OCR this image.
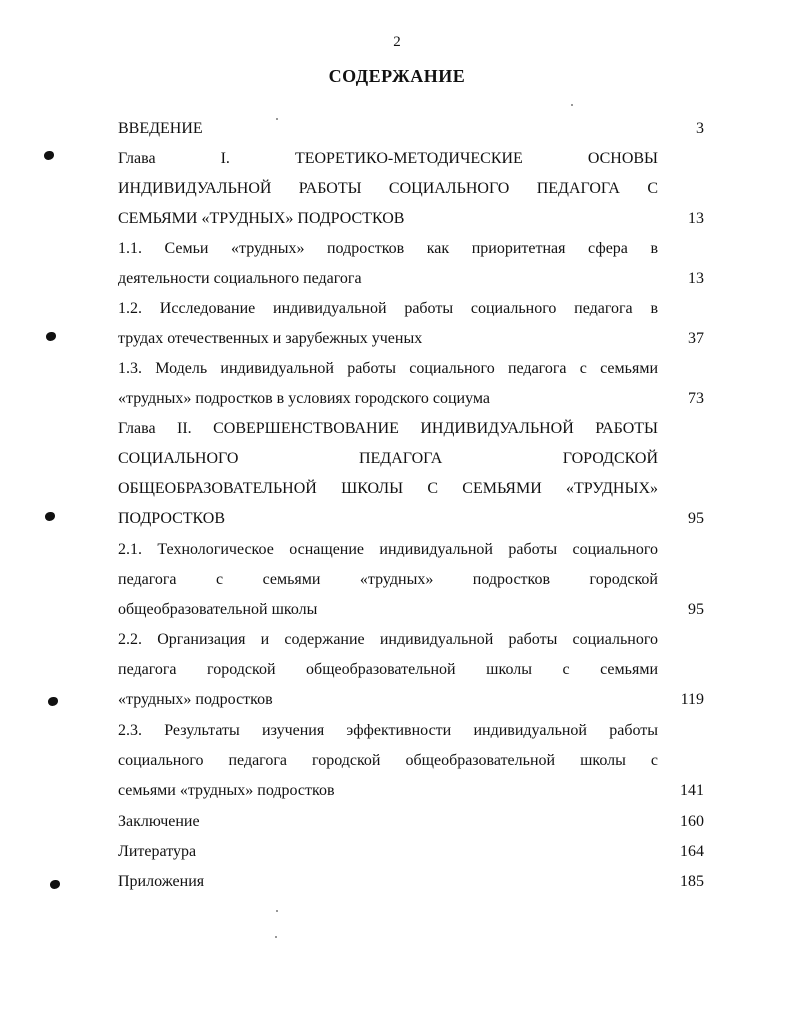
2
СОДЕРЖАНИЕ
ВВЕДЕНИЕ	3
Глава I. ТЕОРЕТИКО-МЕТОДИЧЕСКИЕ ОСНОВЫ
ИНДИВИДУАЛЬНОЙ РАБОТЫ СОЦИАЛЬНОГО ПЕДАГОГА С
СЕМЬЯМИ «ТРУДНЫХ» ПОДРОСТКОВ	13
1.1. Семьи «трудных» подростков как приоритетная сфера в
деятельности социального педагога	13
1.2. Исследование индивидуальной работы социального педагога в
трудах отечественных и зарубежных ученых	37
1.3. Модель индивидуальной работы социального педагога с семьями
«трудных» подростков в условиях городского социума	73
Глава II. СОВЕРШЕНСТВОВАНИЕ ИНДИВИДУАЛЬНОЙ РАБОТЫ
СОЦИАЛЬНОГО ПЕДАГОГА ГОРОДСКОЙ
ОБЩЕОБРАЗОВАТЕЛЬНОЙ ШКОЛЫ С СЕМЬЯМИ «ТРУДНЫХ»
ПОДРОСТКОВ	95
2.1. Технологическое оснащение индивидуальной работы социального
педагога с семьями «трудных» подростков городской
общеобразовательной школы	95
2.2. Организация и содержание индивидуальной работы социального
педагога городской общеобразовательной школы с семьями
«трудных» подростков	119
2.3. Результаты изучения эффективности индивидуальной работы
социального педагога городской общеобразовательной школы с
семьями «трудных» подростков	141
Заключение	160
Литература	164
Приложения	185
